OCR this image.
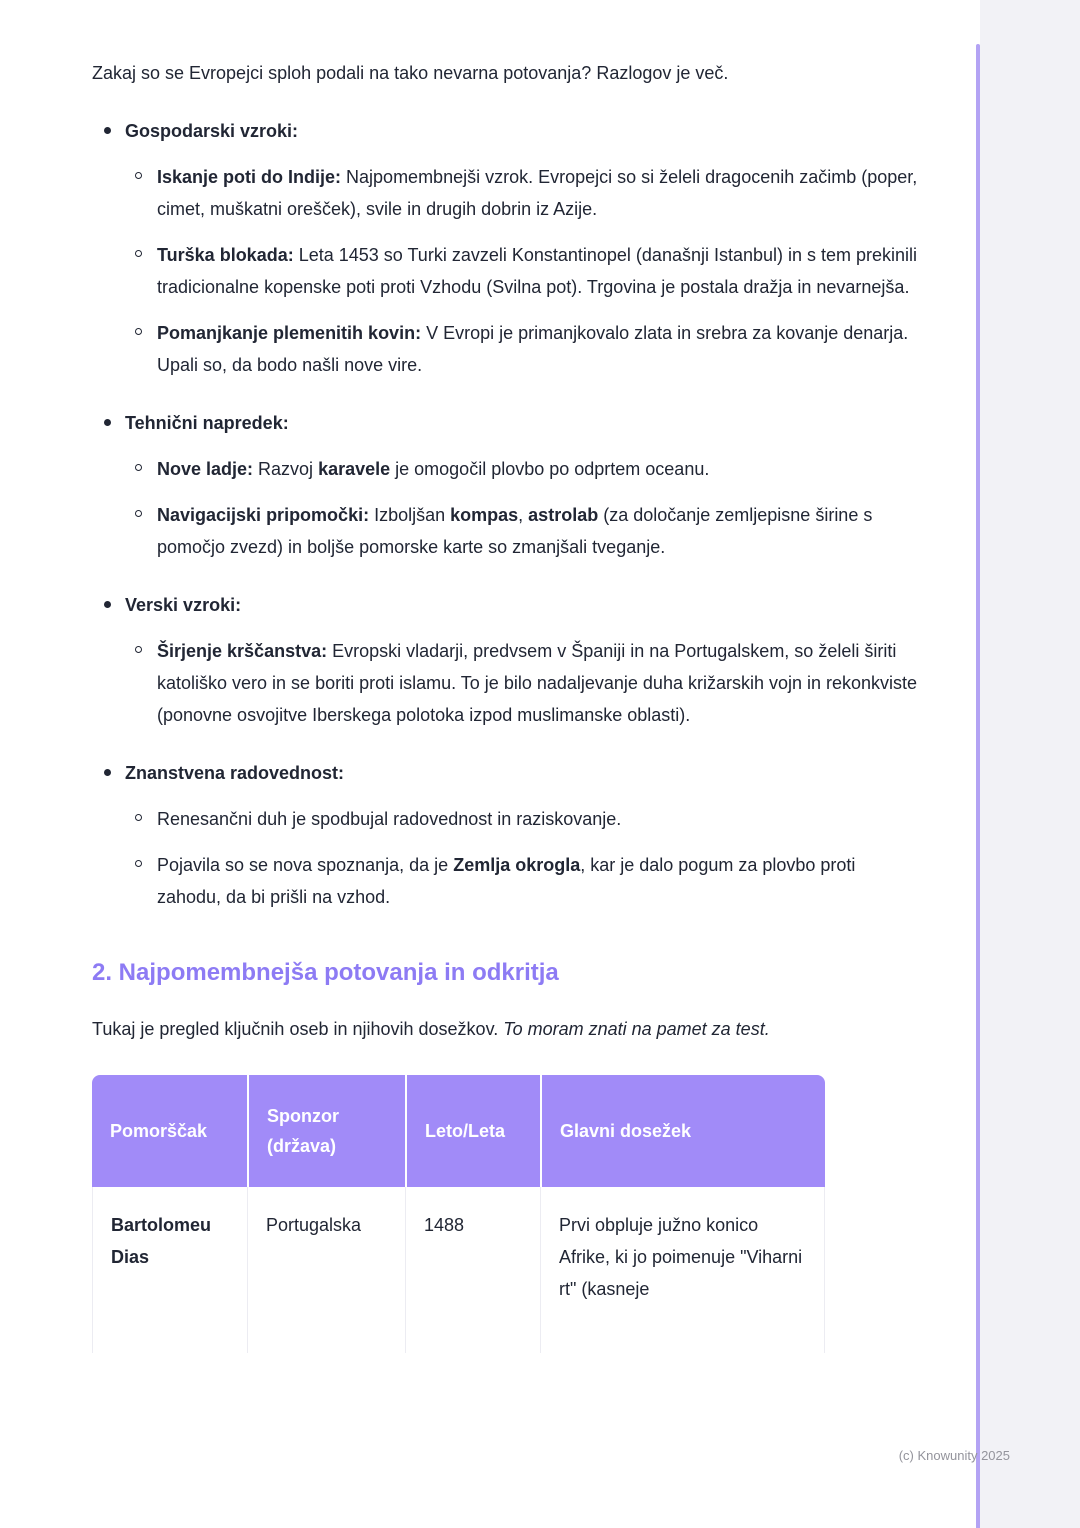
Zakaj so se Evropejci sploh podali na tako nevarna potovanja? Razlogov je več.

Gospodarski vzroki:

Iskanje poti do Indije: Najpomembnejši vzrok. Evropejci so si želeli dragocenih začimb (poper, cimet, muškatni orešček), svile in drugih dobrin iz Azije.

Turška blokada: Leta 1453 so Turki zavzeli Konstantinopel (današnji Istanbul) in s tem prekinili tradicionalne kopenske poti proti Vzhodu (Svilna pot). Trgovina je postala dražja in nevarnejša.

Pomanjkanje plemenitih kovin: V Evropi je primanjkovalo zlata in srebra za kovanje denarja. Upali so, da bodo našli nove vire.

Tehnični napredek:

Nove ladje: Razvoj karavele je omogočil plovbo po odprtem oceanu.

Navigacijski pripomočki: Izboljšan kompas, astrolab (za določanje zemljepisne širine s pomočjo zvezd) in boljše pomorske karte so zmanjšali tveganje.

Verski vzroki:

Širjenje krščanstva: Evropski vladarji, predvsem v Španiji in na Portugalskem, so želeli širiti katoliško vero in se boriti proti islamu. To je bilo nadaljevanje duha križarskih vojn in rekonkviste (ponovne osvojitve Iberskega polotoka izpod muslimanske oblasti).

Znanstvena radovednost:

Renesančni duh je spodbujal radovednost in raziskovanje.

Pojavila so se nova spoznanja, da je Zemlja okrogla, kar je dalo pogum za plovbo proti zahodu, da bi prišli na vzhod.

2. Najpomembnejša potovanja in odkritja

Tukaj je pregled ključnih oseb in njihovih dosežkov. To moram znati na pamet za test.

Pomorščak	Sponzor (država)	Leto/Leta	Glavni dosežek
Bartolomeu Dias	Portugalska	1488	Prvi obpluje južno konico Afrike, ki jo poimenuje "Viharni rt" (kasneje
(c) Knowunity 2025
